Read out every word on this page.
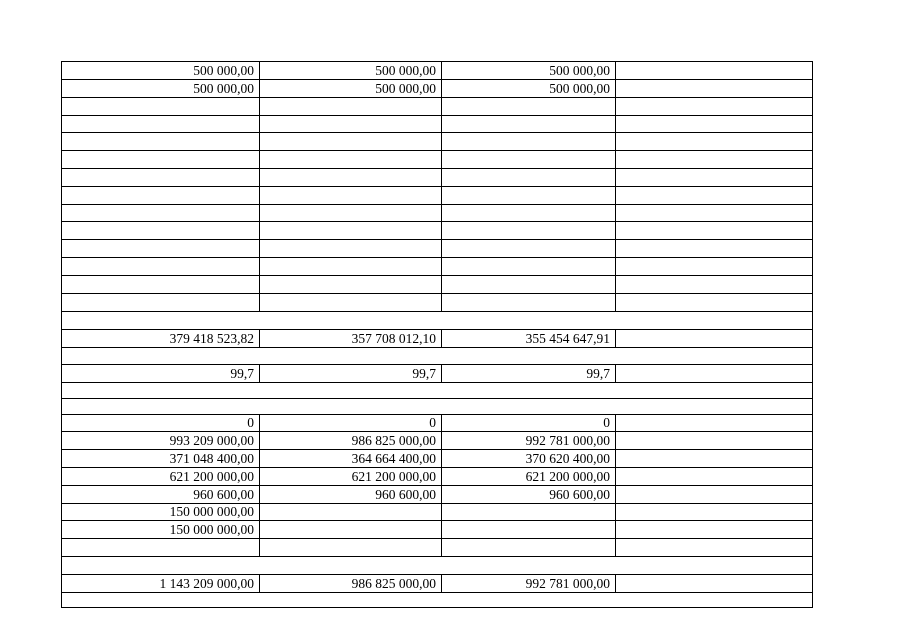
500 000,00	500 000,00	500 000,00
500 000,00	500 000,00	500 000,00
379 418 523,82	357 708 012,10	355 454 647,91
99,7	99,7	99,7
0	0	0
993 209 000,00	986 825 000,00	992 781 000,00
371 048 400,00	364 664 400,00	370 620 400,00
621 200 000,00	621 200 000,00	621 200 000,00
960 600,00	960 600,00	960 600,00
150 000 000,00
150 000 000,00
1 143 209 000,00	986 825 000,00	992 781 000,00
